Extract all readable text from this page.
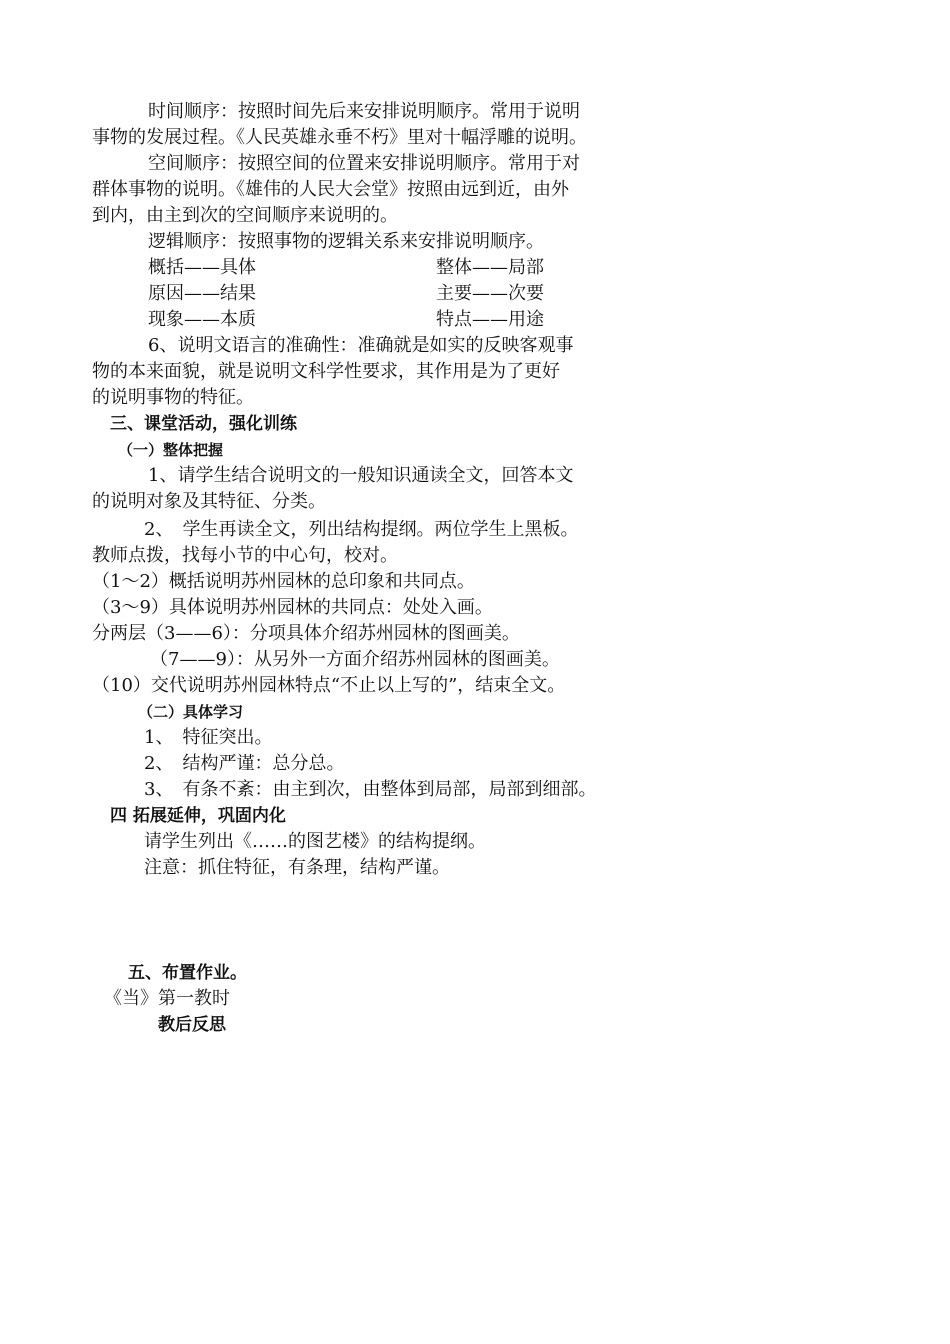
时间顺序：按照时间先后来安排说明顺序。常用于说明
事物的发展过程。《人民英雄永垂不朽》里对十幅浮雕的说明。
空间顺序：按照空间的位置来安排说明顺序。常用于对
群体事物的说明。《雄伟的人民大会堂》按照由远到近，由外
到内，由主到次的空间顺序来说明的。
逻辑顺序：按照事物的逻辑关系来安排说明顺序。
概括——具体	整体——局部
原因——结果	主要——次要
现象——本质	特点——用途
6、说明文语言的准确性：准确就是如实的反映客观事
物的本来面貌，就是说明文科学性要求，其作用是为了更好
的说明事物的特征。
三、课堂活动，强化训练
（一）整体把握
1、请学生结合说明文的一般知识通读全文，回答本文
的说明对象及其特征、分类。
2、　学生再读全文，列出结构提纲。两位学生上黑板。
教师点拨，找每小节的中心句，校对。
（1～2）概括说明苏州园林的总印象和共同点。
（3～9）具体说明苏州园林的共同点：处处入画。
分两层（3——6）：分项具体介绍苏州园林的图画美。
（7——9）：从另外一方面介绍苏州园林的图画美。
（10）交代说明苏州园林特点“不止以上写的”，结束全文。
（二）具体学习
1、　特征突出。
2、　结构严谨：总分总。
3、　有条不紊：由主到次，由整体到局部，局部到细部。
四 拓展延伸，巩固内化
请学生列出《……的图艺楼》的结构提纲。
注意：抓住特征，有条理，结构严谨。
五、布置作业。
《当》第一教时
教后反思
